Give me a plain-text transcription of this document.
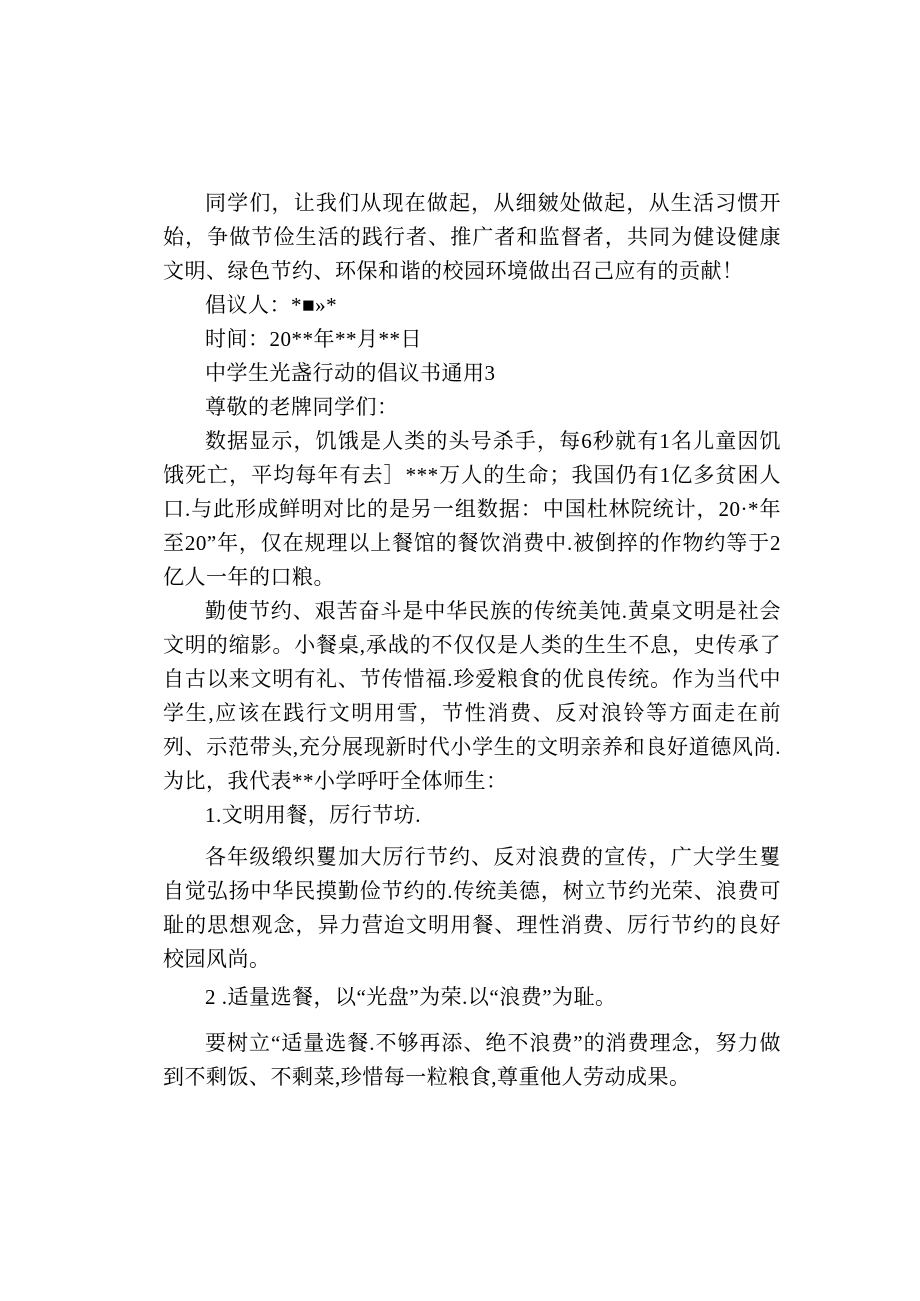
同学们，让我们从现在做起，从细皴处做起，从生活习惯开始，争做节俭生活的践行者、推广者和监督者，共同为健设健康文明、绿色节约、环保和谐的校园环境做出召己应有的贡献！

倡议人：*■»*

时间：20**年**月**日

中学生光盏行动的倡议书通用3

尊敬的老牌同学们：

数据显示，饥饿是人类的头号杀手，每6秒就有1名儿童因饥饿死亡，平均每年有去］***万人的生命；我国仍有1亿多贫困人口.与此形成鲜明对比的是另一组数据：中国杜林院统计，20·*年至20”年，仅在规理以上餐馆的餐饮消费中.被倒捽的作物约等于2亿人一年的口粮。

勤使节约、艰苦奋斗是中华民族的传统美饨.黄桌文明是社会文明的缩影。小餐桌,承战的不仅仅是人类的生生不息，史传承了自古以来文明有礼、节传惜福.珍爱粮食的优良传统。作为当代中学生,应该在践行文明用雪，节性消费、反对浪铃等方面走在前列、示范带头,充分展现新时代小学生的文明亲养和良好道德风尚.为比，我代表**小学呼吁全体师生：

1.文明用餐，厉行节坊.

各年级缎织矍加大厉行节约、反对浪费的宣传，广大学生矍自觉弘扬中华民摸勤俭节约的.传统美德，树立节约光荣、浪费可耻的思想观念，异力营迨文明用餐、理性消费、厉行节约的良好校园风尚。

2 .适量选餐，以“光盘”为荣.以“浪费”为耻。

要树立“适量选餐.不够再添、绝不浪费”的消费理念，努力做到不剩饭、不剩菜,珍惜每一粒粮食,尊重他人劳动成果。
